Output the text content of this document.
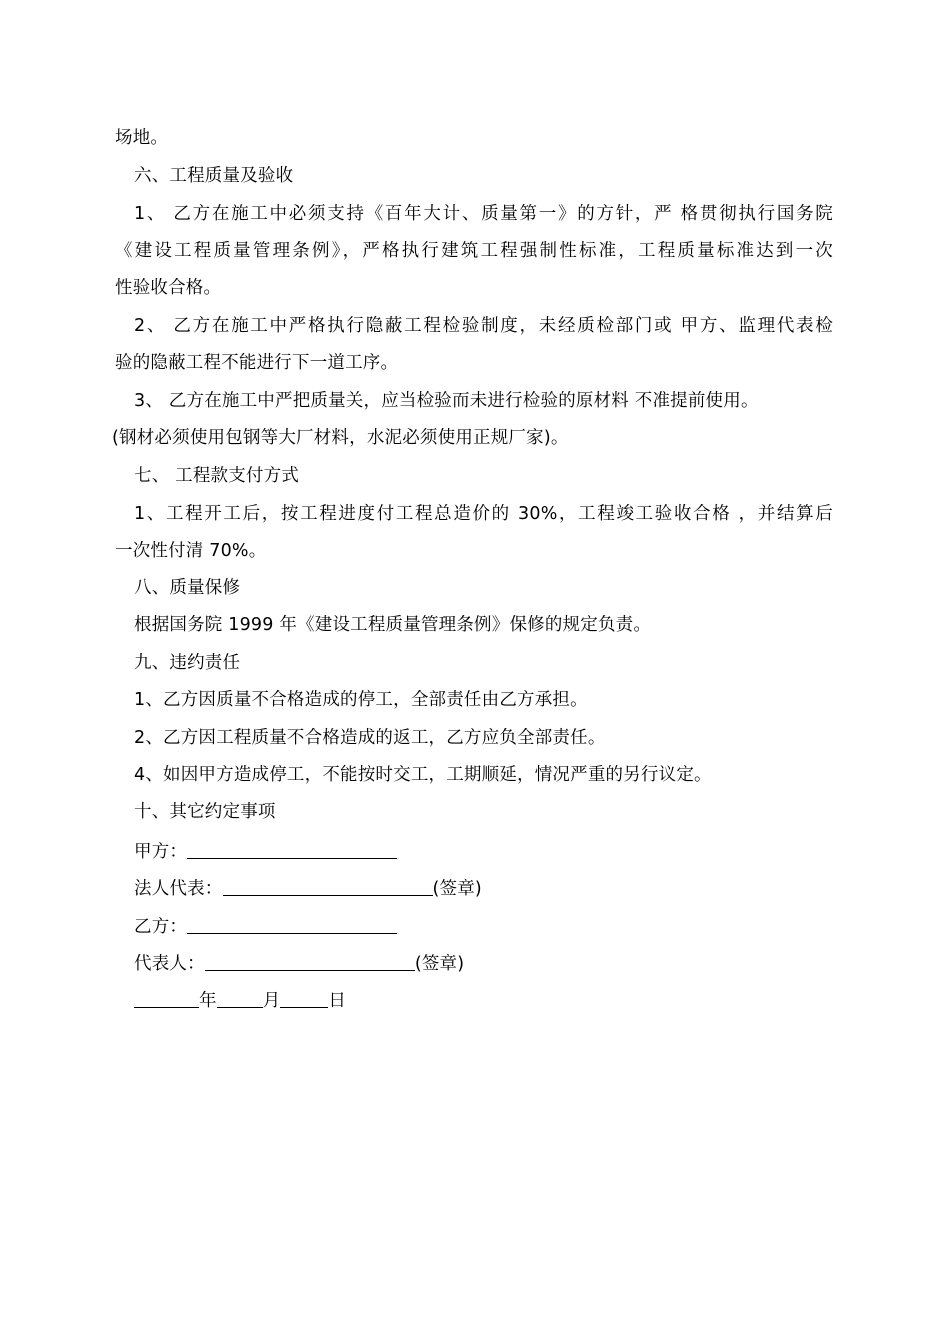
场地。
六、工程质量及验收
1、 乙方在施工中必须支持《百年大计、质量第一》的方针，严 格贯彻执行国务院
《建设工程质量管理条例》，严格执行建筑工程强制性标准，工程质量标准达到一次
性验收合格。
2、 乙方在施工中严格执行隐蔽工程检验制度，未经质检部门或 甲方、监理代表检
验的隐蔽工程不能进行下一道工序。
3、 乙方在施工中严把质量关，应当检验而未进行检验的原材料 不准提前使用。
(钢材必须使用包钢等大厂材料，水泥必须使用正规厂家)。
七、 工程款支付方式
1、工程开工后，按工程进度付工程总造价的 30%，工程竣工验收合格 ，并结算后
一次性付清 70%。
八、质量保修
根据国务院 1999 年《建设工程质量管理条例》保修的规定负责。
九、违约责任
1、乙方因质量不合格造成的停工，全部责任由乙方承担。
2、乙方因工程质量不合格造成的返工，乙方应负全部责任。
4、如因甲方造成停工，不能按时交工，工期顺延，情况严重的另行议定。
十、其它约定事项
甲方：
法人代表：	(签章)
乙方：
代表人：	(签章)
年	月	日
